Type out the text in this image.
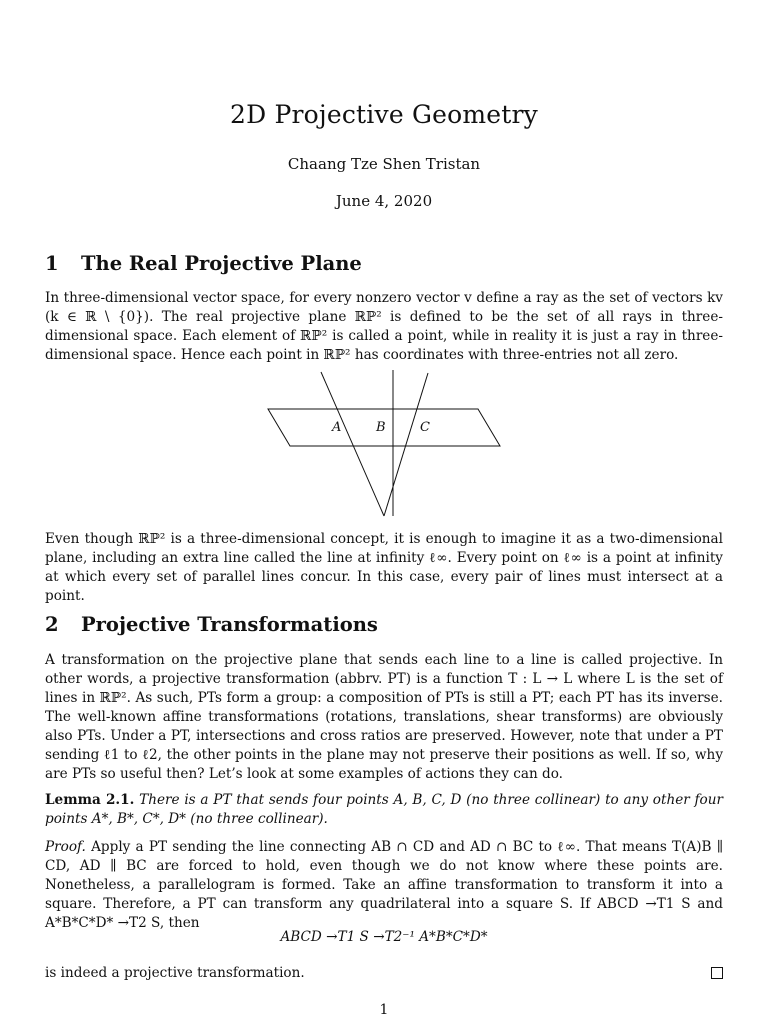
2D Projective Geometry
Chaang Tze Shen Tristan
June 4, 2020
1 The Real Projective Plane
In three-dimensional vector space, for every nonzero vector v define a ray as the set of vectors kv (k ∈ ℝ \ {0}). The real projective plane ℝℙ² is defined to be the set of all rays in three-dimensional space. Each element of ℝℙ² is called a point, while in reality it is just a ray in three-dimensional space. Hence each point in ℝℙ² has coordinates with three-entries not all zero.
A	B	C
Even though ℝℙ² is a three-dimensional concept, it is enough to imagine it as a two-dimensional plane, including an extra line called the line at infinity ℓ∞. Every point on ℓ∞ is a point at infinity at which every set of parallel lines concur. In this case, every pair of lines must intersect at a point.
2 Projective Transformations
A transformation on the projective plane that sends each line to a line is called projective. In other words, a projective transformation (abbrv. PT) is a function T : L → L where L is the set of lines in ℝℙ². As such, PTs form a group: a composition of PTs is still a PT; each PT has its inverse. The well-known affine transformations (rotations, translations, shear transforms) are obviously also PTs. Under a PT, intersections and cross ratios are preserved. However, note that under a PT sending ℓ1 to ℓ2, the other points in the plane may not preserve their positions as well. If so, why are PTs so useful then? Let’s look at some examples of actions they can do.
Lemma 2.1. There is a PT that sends four points A, B, C, D (no three collinear) to any other four points A*, B*, C*, D* (no three collinear).
Proof. Apply a PT sending the line connecting AB ∩ CD and AD ∩ BC to ℓ∞. That means T(A)B ∥ CD, AD ∥ BC are forced to hold, even though we do not know where these points are. Nonetheless, a parallelogram is formed. Take an affine transformation to transform it into a square. Therefore, a PT can transform any quadrilateral into a square S. If ABCD →T1 S and A*B*C*D* →T2 S, then
ABCD →T1 S →T2⁻¹ A*B*C*D*
is indeed a projective transformation.
1
